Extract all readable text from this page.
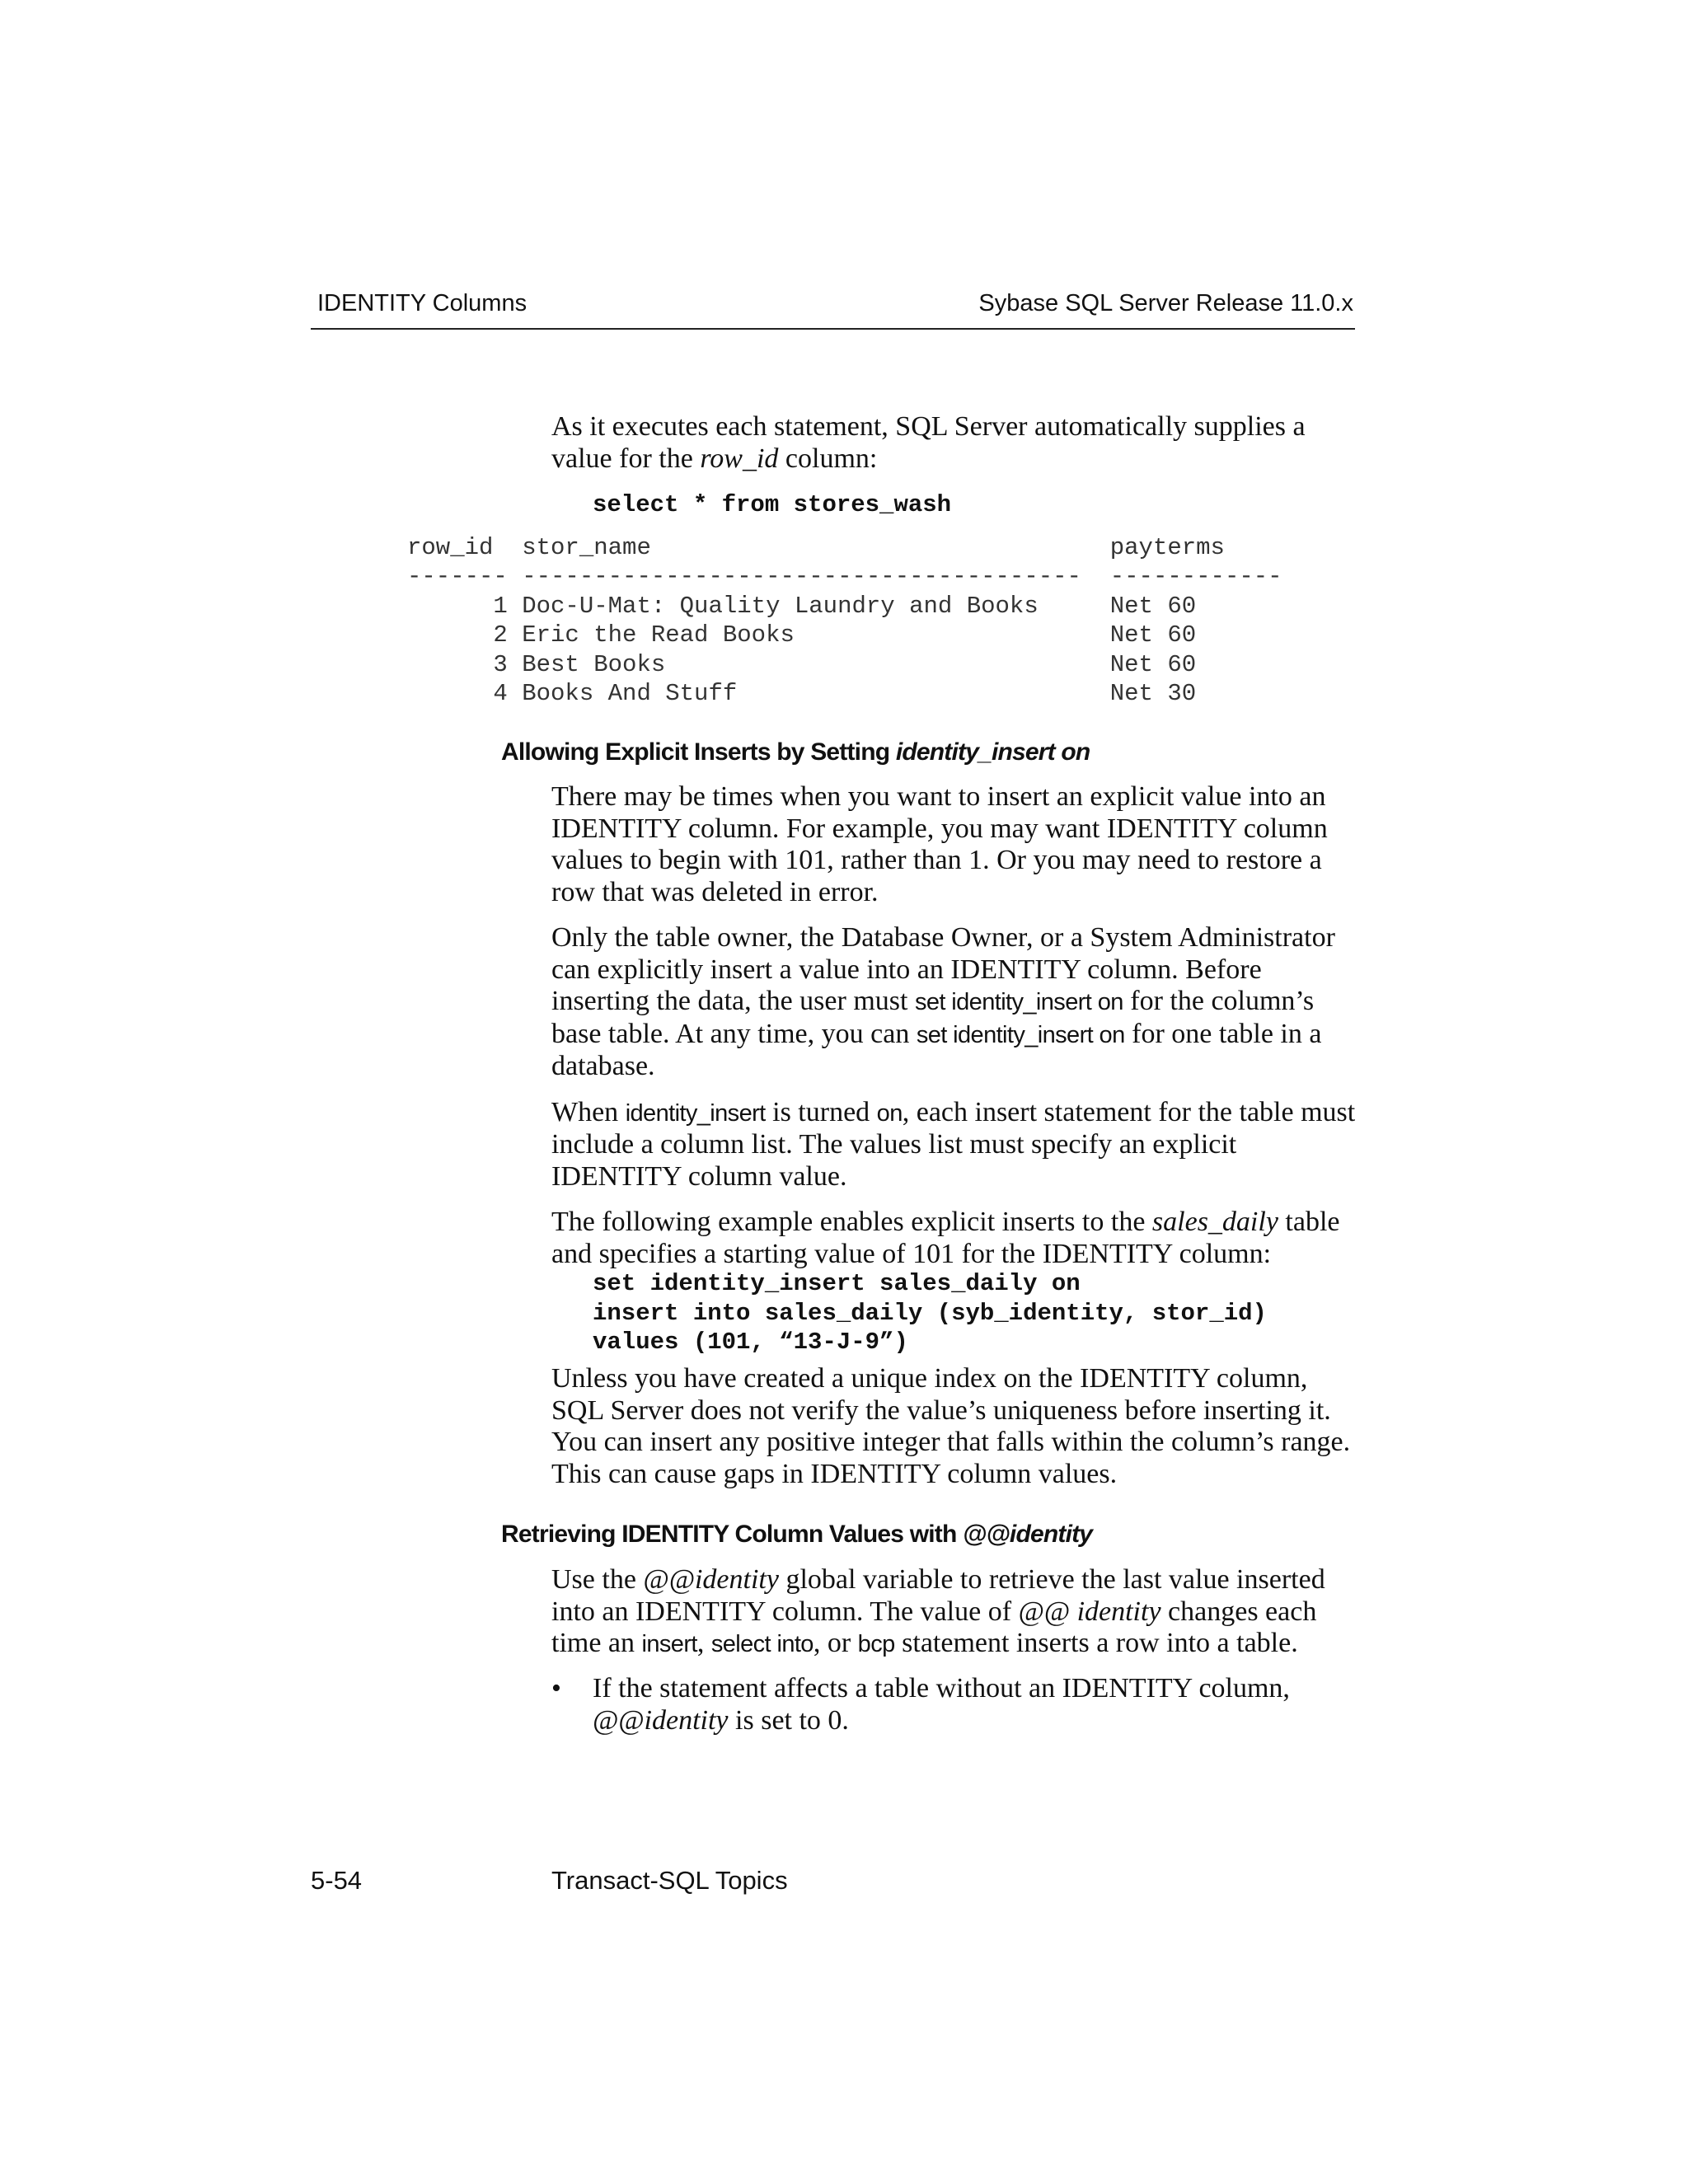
IDENTITY Columns	Sybase SQL Server Release 11.0.x

As it executes each statement, SQL Server automatically supplies a value for the row_id column:

select * from stores_wash
row_id  stor_name                                payterms
------- ---------------------------------------  ------------
1 Doc-U-Mat: Quality Laundry and Books     Net 60
2 Eric the Read Books                      Net 60
3 Best Books                               Net 60
4 Books And Stuff                          Net 30

Allowing Explicit Inserts by Setting identity_insert on

There may be times when you want to insert an explicit value into an IDENTITY column. For example, you may want IDENTITY column values to begin with 101, rather than 1. Or you may need to restore a row that was deleted in error.

Only the table owner, the Database Owner, or a System Administrator can explicitly insert a value into an IDENTITY column. Before inserting the data, the user must set identity_insert on for the column’s base table. At any time, you can set identity_insert on for one table in a database.

When identity_insert is turned on, each insert statement for the table must include a column list. The values list must specify an explicit IDENTITY column value.

The following example enables explicit inserts to the sales_daily table and specifies a starting value of 101 for the IDENTITY column:

set identity_insert sales_daily on
insert into sales_daily (syb_identity, stor_id)
values (101, “13-J-9”)

Unless you have created a unique index on the IDENTITY column, SQL Server does not verify the value’s uniqueness before inserting it. You can insert any positive integer that falls within the column’s range. This can cause gaps in IDENTITY column values.

Retrieving IDENTITY Column Values with @@identity

Use the @@identity global variable to retrieve the last value inserted into an IDENTITY column. The value of @@ identity changes each time an insert, select into, or bcp statement inserts a row into a table.

• If the statement affects a table without an IDENTITY column, @@identity is set to 0.
5-54	Transact-SQL Topics
